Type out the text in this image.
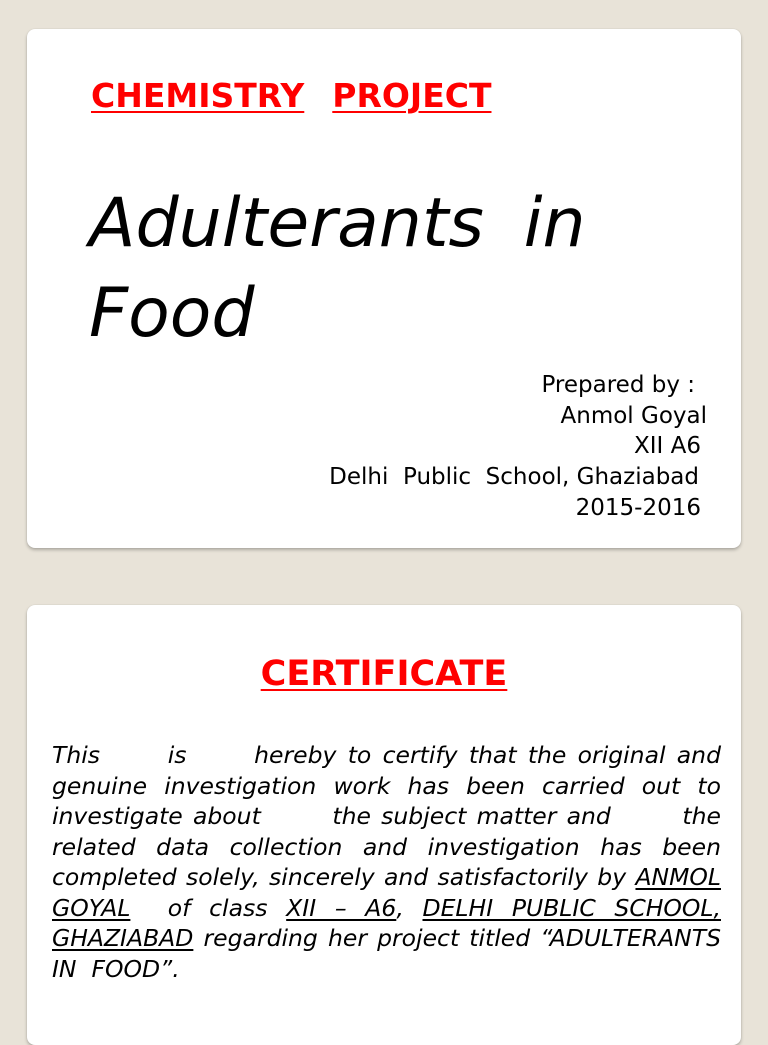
CHEMISTRY PROJECT
Adulterants in Food
Prepared by :
Anmol Goyal
XII A6
Delhi  Public  School, Ghaziabad
2015-2016
CERTIFICATE

This      is      hereby to certify that the original and genuine investigation work has been carried out to investigate about       the subject matter and       the related data collection and investigation has been completed solely, sincerely and satisfactorily by ANMOL GOYAL  of class XII – A6, DELHI PUBLIC SCHOOL, GHAZIABAD regarding her project titled “ADULTERANTS  IN  FOOD”.
